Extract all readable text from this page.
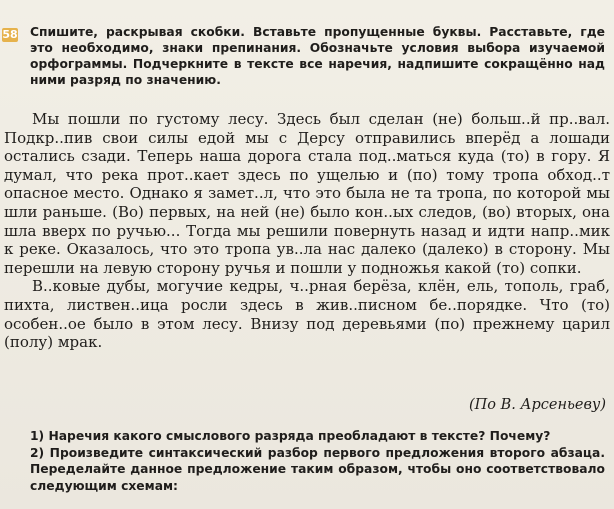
Спишите, раскрывая скобки. Вставьте пропущенные буквы. Расставьте, где это необходимо, знаки препинания. Обозначьте условия выбора изучаемой орфограммы. Подчеркните в тексте все наречия, надпишите сокращённо над ними разряд по значению.

58

Мы пошли по густому лесу. Здесь был сделан (не) больш..й пр..вал. Подкр..пив свои силы едой мы с Дерсу отправились вперёд а лошади остались сзади. Теперь наша дорога стала под..маться куда (то) в гору. Я думал, что река прот..кает здесь по ущелью и (по) тому тропа обход..т опасное место. Однако я замет..л, что это была не та тропа, по которой мы шли раньше. (Во) первых, на ней (не) было кон..ых следов, (во) вторых, она шла вверх по ручью... Тогда мы решили повернуть назад и идти напр..мик к реке. Оказалось, что это тропа ув..ла нас далеко (далеко) в сторону. Мы перешли на левую сторону ручья и пошли у подножья какой (то) сопки.

В..ковые дубы, могучие кедры, ч..рная берёза, клён, ель, тополь, граб, пихта, листвен..ица росли здесь в жив..писном бе..порядке. Что (то) особен..ое было в этом лесу. Внизу под деревьями (по) прежнему царил (полу) мрак.

(По В. Арсеньеву)

1) Наречия какого смыслового разряда преобладают в тексте? Почему?

2) Произведите синтаксический разбор первого предложения второго абзаца. Переделайте данное предложение таким образом, чтобы оно соответствовало следующим схемам:
